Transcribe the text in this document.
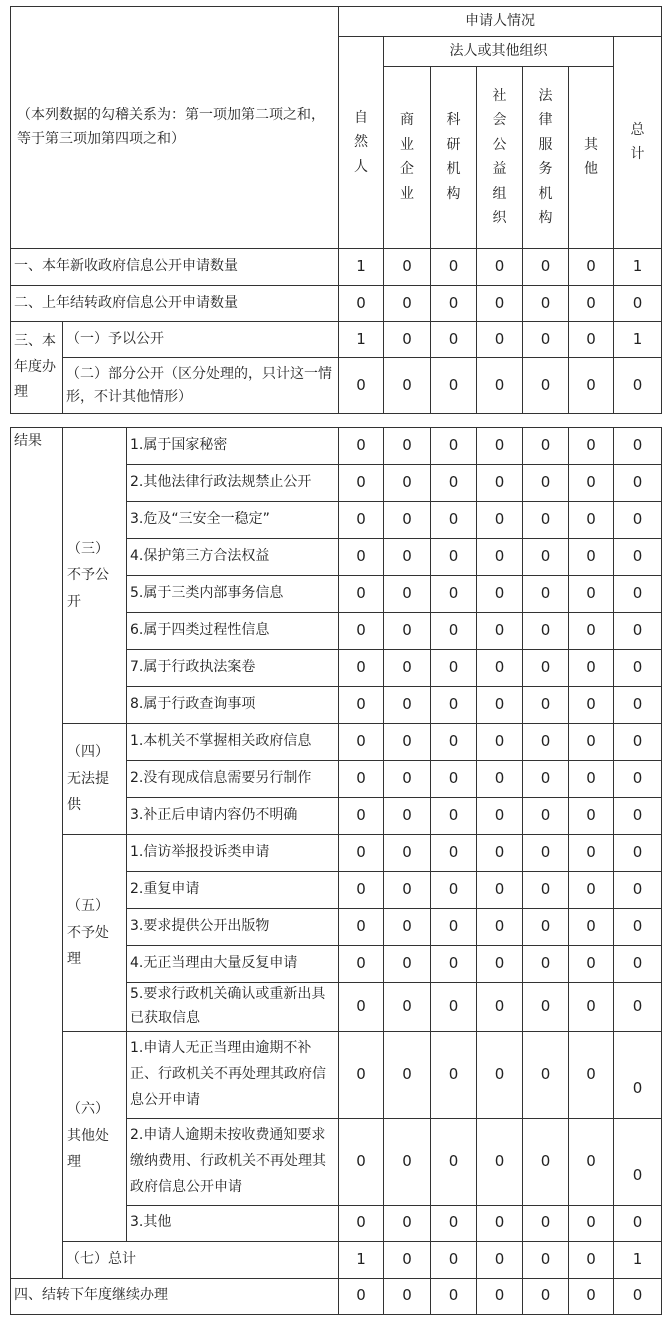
（本列数据的勾稽关系为：第一项加第二项之和，等于第三项加第四项之和）		申请人情况						
		自然人	法人或其他组织					总计
			商业企业	科研机构	社会公益组织	法律服务机构	其他	
一、本年新收政府信息公开申请数量		1	0	0	0	0	0	1
二、上年结转政府信息公开申请数量		0	0	0	0	0	0	0
三、本年度办理	（一）予以公开	1	0	0	0	0	0	1
	（二）部分公开（区分处理的，只计这一情形，不计其他情形）	0	0	0	0	0	0	0
结果	（三）不予公开	1.属于国家秘密	0	0	0	0	0	0	0
		2.其他法律行政法规禁止公开	0	0	0	0	0	0	0
		3.危及“三安全一稳定”	0	0	0	0	0	0	0
		4.保护第三方合法权益	0	0	0	0	0	0	0
		5.属于三类内部事务信息	0	0	0	0	0	0	0
		6.属于四类过程性信息	0	0	0	0	0	0	0
		7.属于行政执法案卷	0	0	0	0	0	0	0
		8.属于行政查询事项	0	0	0	0	0	0	0
	（四）无法提供	1.本机关不掌握相关政府信息	0	0	0	0	0	0	0
		2.没有现成信息需要另行制作	0	0	0	0	0	0	0
		3.补正后申请内容仍不明确	0	0	0	0	0	0	0
	（五）不予处理	1.信访举报投诉类申请	0	0	0	0	0	0	0
		2.重复申请	0	0	0	0	0	0	0
		3.要求提供公开出版物	0	0	0	0	0	0	0
		4.无正当理由大量反复申请	0	0	0	0	0	0	0
		5.要求行政机关确认或重新出具已获取信息	0	0	0	0	0	0	0
	（六）其他处理	1.申请人无正当理由逾期不补正、行政机关不再处理其政府信息公开申请	0	0	0	0	0	0	0
		2.申请人逾期未按收费通知要求缴纳费用、行政机关不再处理其政府信息公开申请	0	0	0	0	0	0	0
		3.其他	0	0	0	0	0	0	0
	（七）总计		1	0	0	0	0	0	1
四、结转下年度继续办理			0	0	0	0	0	0	0
